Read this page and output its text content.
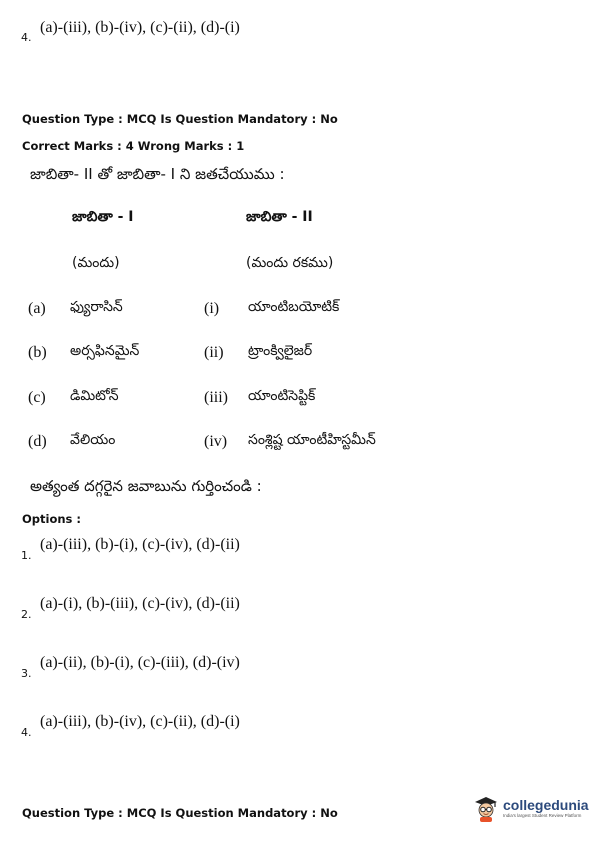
4.
(a)-(iii), (b)-(iv), (c)-(ii), (d)-(i)
Question Type : MCQ Is Question Mandatory : No
Correct Marks : 4 Wrong Marks : 1
జాబితా- II తో జాబితా- I ని జతచేయుము :
జాబితా - I	జాబితా - II
(మందు)	(మందు రకము)
(a) ఫ్యురాసిన్	(i) యాంటిబయోటిక్
(b) అర్సఫినమైన్	(ii) ట్రాంక్విలైజర్
(c) డిమిటోన్	(iii) యాంటిసెప్టిక్
(d) వేలియం	(iv) సంశ్లిష్ట యాంటీహిస్టమీన్
అత్యంత దగ్గరైన జవాబును గుర్తించండి :
Options :
1.
(a)-(iii), (b)-(i), (c)-(iv), (d)-(ii)
2.
(a)-(i), (b)-(iii), (c)-(iv), (d)-(ii)
3.
(a)-(ii), (b)-(i), (c)-(iii), (d)-(iv)
4.
(a)-(iii), (b)-(iv), (c)-(ii), (d)-(i)
Question Type : MCQ Is Question Mandatory : No
collegedunia
India's largest Student Review Platform
